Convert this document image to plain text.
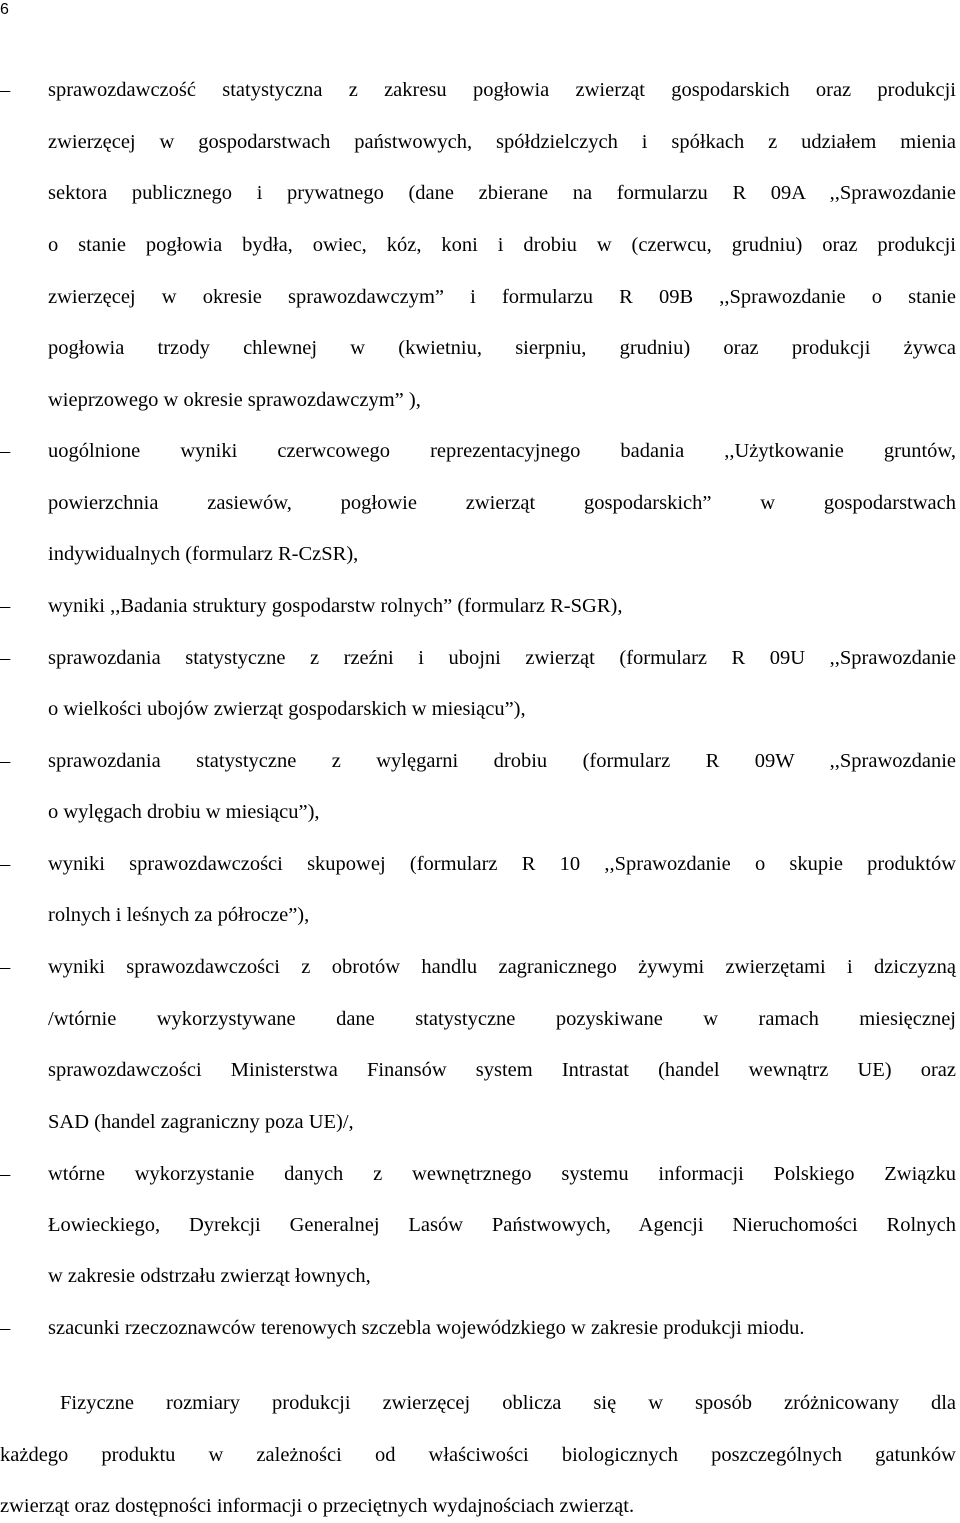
6
– sprawozdawczość statystyczna z zakresu pogłowia zwierząt gospodarskich oraz produkcji
zwierzęcej w gospodarstwach państwowych, spółdzielczych i spółkach z udziałem mienia
sektora publicznego i prywatnego (dane zbierane na formularzu R 09A ,,Sprawozdanie
o stanie pogłowia bydła, owiec, kóz, koni i drobiu w (czerwcu, grudniu) oraz produkcji
zwierzęcej w okresie sprawozdawczym” i formularzu R 09B ,,Sprawozdanie o stanie
pogłowia trzody chlewnej w (kwietniu, sierpniu, grudniu) oraz produkcji żywca
wieprzowego w okresie sprawozdawczym” ),
– uogólnione wyniki czerwcowego reprezentacyjnego badania ,,Użytkowanie gruntów,
powierzchnia zasiewów, pogłowie zwierząt gospodarskich” w gospodarstwach
indywidualnych (formularz R-CzSR),
– wyniki ,,Badania struktury gospodarstw rolnych” (formularz R-SGR),
– sprawozdania statystyczne z rzeźni i ubojni zwierząt (formularz R 09U ,,Sprawozdanie
o wielkości ubojów zwierząt gospodarskich w miesiącu”),
– sprawozdania statystyczne z wylęgarni drobiu (formularz R 09W ,,Sprawozdanie
o wylęgach drobiu w miesiącu”),
– wyniki sprawozdawczości skupowej (formularz R 10 ,,Sprawozdanie o skupie produktów
rolnych i leśnych za półrocze”),
– wyniki sprawozdawczości z obrotów handlu zagranicznego żywymi zwierzętami i dziczyzną
/wtórnie wykorzystywane dane statystyczne pozyskiwane w ramach miesięcznej
sprawozdawczości Ministerstwa Finansów system Intrastat (handel wewnątrz UE) oraz
SAD (handel zagraniczny poza UE)/,
– wtórne wykorzystanie danych z wewnętrznego systemu informacji Polskiego Związku
Łowieckiego, Dyrekcji Generalnej Lasów Państwowych, Agencji Nieruchomości Rolnych
w zakresie odstrzału zwierząt łownych,
– szacunki rzeczoznawców terenowych szczebla wojewódzkiego w zakresie produkcji miodu.
Fizyczne rozmiary produkcji zwierzęcej oblicza się w sposób zróżnicowany dla
każdego produktu w zależności od właściwości biologicznych poszczególnych gatunków
zwierząt oraz dostępności informacji o przeciętnych wydajnościach zwierząt.
